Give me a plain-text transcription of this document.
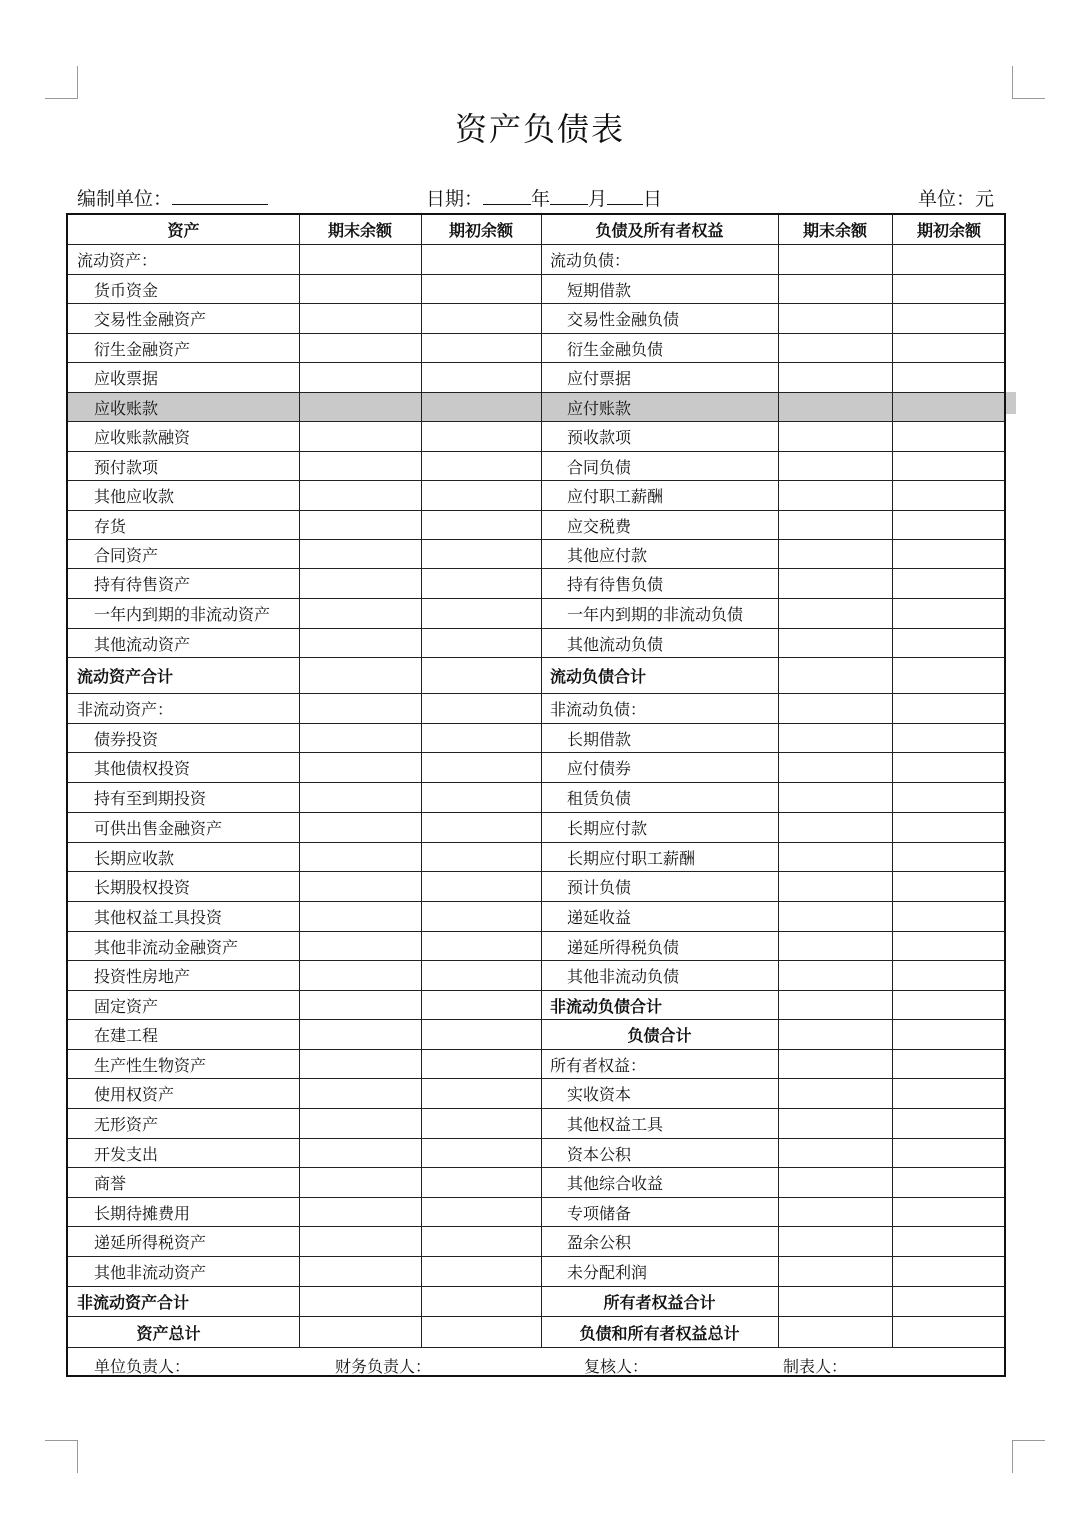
资产负债表
编制单位：	日期：	年 月 日	单位：元
资产	期末余额	期初余额	负债及所有者权益	期末余额	期初余额
流动资产：	流动负债：
货币资金	短期借款
交易性金融资产	交易性金融负债
衍生金融资产	衍生金融负债
应收票据	应付票据
应收账款	应付账款
应收账款融资	预收款项
预付款项	合同负债
其他应收款	应付职工薪酬
存货	应交税费
合同资产	其他应付款
持有待售资产	持有待售负债
一年内到期的非流动资产	一年内到期的非流动负债
其他流动资产	其他流动负债
流动资产合计	流动负债合计
非流动资产：	非流动负债：
债券投资	长期借款
其他债权投资	应付债券
持有至到期投资	租赁负债
可供出售金融资产	长期应付款
长期应收款	长期应付职工薪酬
长期股权投资	预计负债
其他权益工具投资	递延收益
其他非流动金融资产	递延所得税负债
投资性房地产	其他非流动负债
固定资产	非流动负债合计
在建工程	负债合计
生产性生物资产	所有者权益：
使用权资产	实收资本
无形资产	其他权益工具
开发支出	资本公积
商誉	其他综合收益
长期待摊费用	专项储备
递延所得税资产	盈余公积
其他非流动资产	未分配利润
非流动资产合计	所有者权益合计
资产总计	负债和所有者权益总计
单位负责人：	财务负责人：	复核人：	制表人：
